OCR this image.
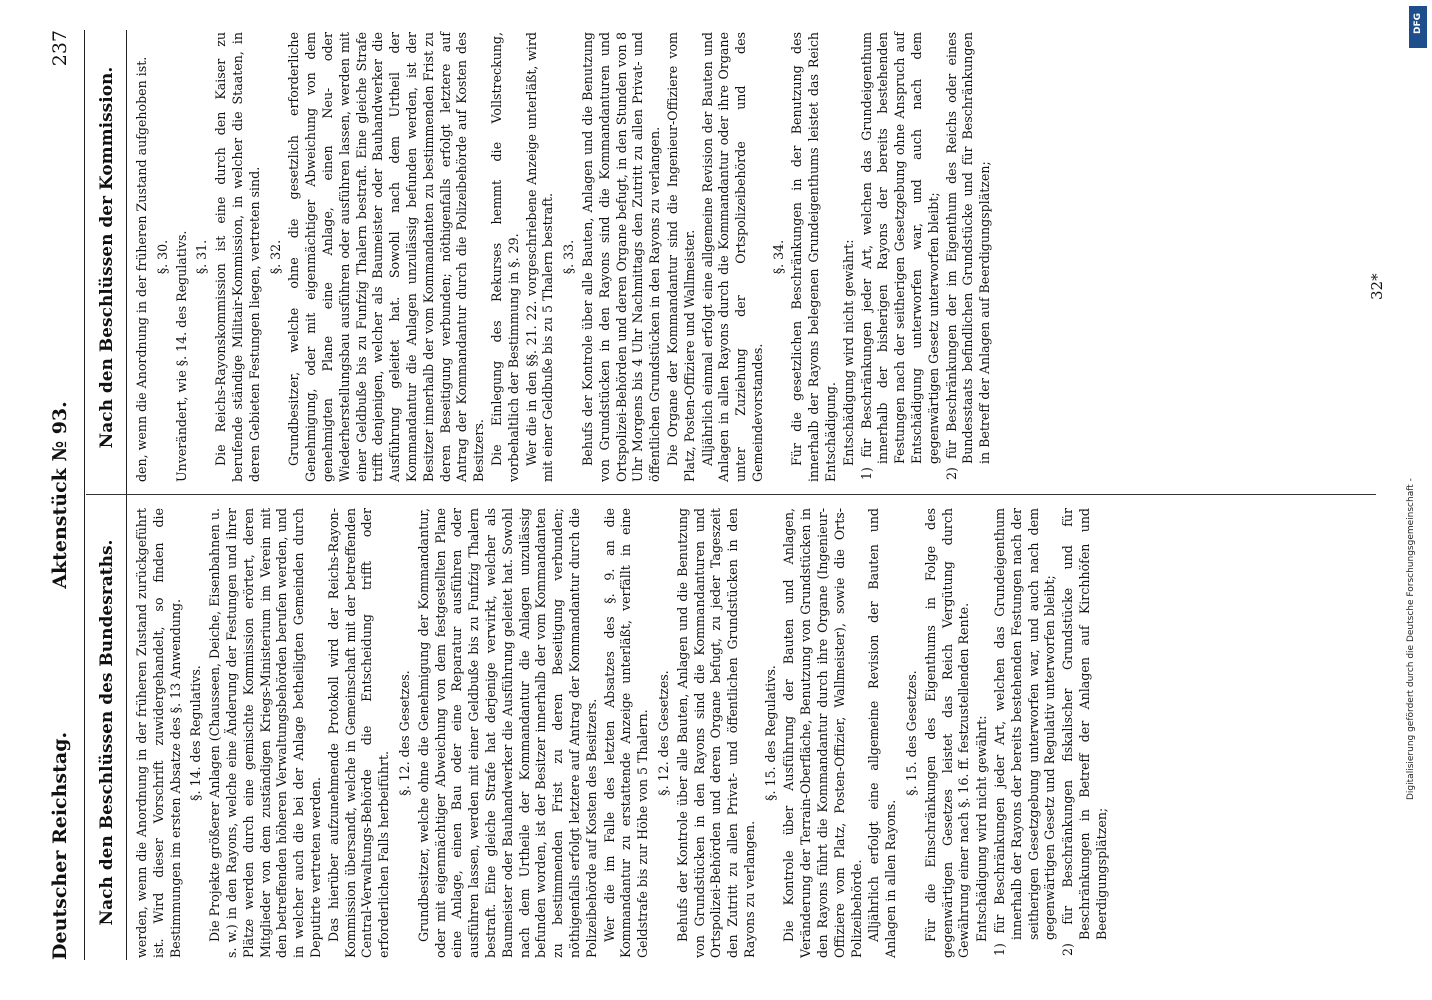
Deutscher Reichstag.
Aktenstück № 93.
237
Nach den Beschlüssen des Bundesraths.
Nach den Beschlüssen der Kommission.

werden, wenn die Anordnung in der früheren Zustand zurückgeführt ist. Wird dieser Vorschrift zuwidergehandelt, so finden die Bestimmungen im ersten Absatze des §. 13 Anwendung. §. 14. des Regulativs. Die Projekte größerer Anlagen (Chausseen, Deiche, Eisenbahnen u. s. w.) in den Rayons, welche eine Änderung der Festungen und ihrer Plätze werden durch eine gemischte Kommission erörtert, deren Mitglieder von dem zuständigen Kriegs-Ministerium im Verein mit den betreffenden höheren Verwaltungsbehörden berufen werden, und in welcher auch die bei der Anlage betheiligten Gemeinden durch Deputirte vertreten werden. Das hierüber aufzunehmende Protokoll wird der Reichs-Rayon-Kommission übersandt, welche in Gemeinschaft mit der betreffenden Central-Verwaltungs-Behörde die Entscheidung trifft oder erforderlichen Falls herbeiführt.

§. 12. des Gesetzes. Grundbesitzer, welche ohne die Genehmigung der Kommandantur, oder mit eigenmächtiger Abweichung von dem festgestellten Plane eine Anlage, einen Bau oder eine Reparatur ausführen oder ausführen lassen, werden mit einer Geldbuße bis zu Funfzig Thalern bestraft. Eine gleiche Strafe hat derjenige verwirkt, welcher als Baumeister oder Bauhandwerker die Ausführung geleitet hat. Sowohl nach dem Urtheile der Kommandantur die Anlagen unzulässig befunden worden, ist der Besitzer innerhalb der vom Kommandanten zu bestimmenden Frist zu deren Beseitigung verbunden; nöthigenfalls erfolgt letztere auf Antrag der Kommandantur durch die Polizeibehörde auf Kosten des Besitzers. Wer die im Falle des letzten Absatzes des §. 9. an die Kommandantur zu erstattende Anzeige unterläßt, verfällt in eine Geldstrafe bis zur Höhe von 5 Thalern. §. 12. des Gesetzes. Behufs der Kontrole über alle Bauten, Anlagen und die Benutzung von Grundstücken in den Rayons sind die Kommandanturen und Ortspolizei-Behörden und deren Organe befugt, zu jeder Tageszeit den Zutritt zu allen Privat- und öffentlichen Grundstücken in den Rayons zu verlangen.

§. 15. des Regulativs. Die Kontrole über Ausführung der Bauten und Anlagen, Veränderung der Terrain-Oberfläche, Benutzung von Grundstücken in den Rayons führt die Kommandantur durch ihre Organe (Ingenieur-Offiziere vom Platz, Posten-Offizier, Wallmeister), sowie die Orts-Polizeibehörde. Alljährlich erfolgt eine allgemeine Revision der Bauten und Anlagen in allen Rayons.

§. 15. des Gesetzes. Für die Einschränkungen des Eigenthums in Folge des gegenwärtigen Gesetzes leistet das Reich Vergütung durch Gewährung einer nach §. 16. ff. festzustellenden Rente. Entschädigung wird nicht gewährt: 1) für Beschränkungen jeder Art, welchen das Grundeigenthum innerhalb der Rayons der bereits bestehenden Festungen nach der seitherigen Gesetzgebung unterworfen war, und auch nach dem gegenwärtigen Gesetz und Regulativ unterworfen bleibt; 2) für Beschränkungen fiskalischer Grundstücke und für Beschränkungen in Betreff der Anlagen auf Kirchhöfen und Beerdigungsplätzen;

den, wenn die Anordnung in der früheren Zustand aufgehoben ist. §. 30. Unverändert, wie §. 14. des Regulativs. §. 31. Die Reichs-Rayonskommission ist eine durch den Kaiser zu berufende ständige Militair-Kommission, in welcher die Staaten, in deren Gebieten Festungen liegen, vertreten sind. §. 32. Grundbesitzer, welche ohne die gesetzlich erforderliche Genehmigung, oder mit eigenmächtiger Abweichung von dem genehmigten Plane eine Anlage, einen Neu- oder Wiederherstellungsbau ausführen oder ausführen lassen, werden mit einer Geldbuße bis zu Funfzig Thalern bestraft. Eine gleiche Strafe trifft denjenigen, welcher als Baumeister oder Bauhandwerker die Ausführung geleitet hat. Sowohl nach dem Urtheil der Kommandantur die Anlagen unzulässig befunden werden, ist der Besitzer innerhalb der vom Kommandanten zu bestimmenden Frist zu deren Beseitigung verbunden; nöthigenfalls erfolgt letztere auf Antrag der Kommandantur durch die Polizeibehörde auf Kosten des Besitzers. Die Einlegung des Rekurses hemmt die Vollstreckung, vorbehaltlich der Bestimmung in §. 29. Wer die in den §§. 21. 22. vorgeschriebene Anzeige unterläßt, wird mit einer Geldbuße bis zu 5 Thalern bestraft. §. 33. Behufs der Kontrole über alle Bauten, Anlagen und die Benutzung von Grundstücken in den Rayons sind die Kommandanturen und Ortspolizei-Behörden und deren Organe befugt, in den Stunden von 8 Uhr Morgens bis 4 Uhr Nachmittags den Zutritt zu allen Privat- und öffentlichen Grundstücken in den Rayons zu verlangen. Die Organe der Kommandantur sind die Ingenieur-Offiziere vom Platz, Posten-Offiziere und Wallmeister. Alljährlich einmal erfolgt eine allgemeine Revision der Bauten und Anlagen in allen Rayons durch die Kommandantur oder ihre Organe unter Zuziehung der Ortspolizeibehörde und des Gemeindevorstandes.

§. 34. Für die gesetzlichen Beschränkungen in der Benutzung des innerhalb der Rayons belegenen Grundeigenthums leistet das Reich Entschädigung. Entschädigung wird nicht gewährt: 1) für Beschränkungen jeder Art, welchen das Grundeigenthum innerhalb der bisherigen Rayons der bereits bestehenden Festungen nach der seitherigen Gesetzgebung ohne Anspruch auf Entschädigung unterworfen war, und auch nach dem gegenwärtigen Gesetz unterworfen bleibt; 2) für Beschränkungen der im Eigenthum des Reichs oder eines Bundesstaats befindlichen Grundstücke und für Beschränkungen in Betreff der Anlagen auf Beerdigungsplätzen;	32*
Digitalisierung gefördert durch die Deutsche Forschungsgemeinschaft -
DFG
